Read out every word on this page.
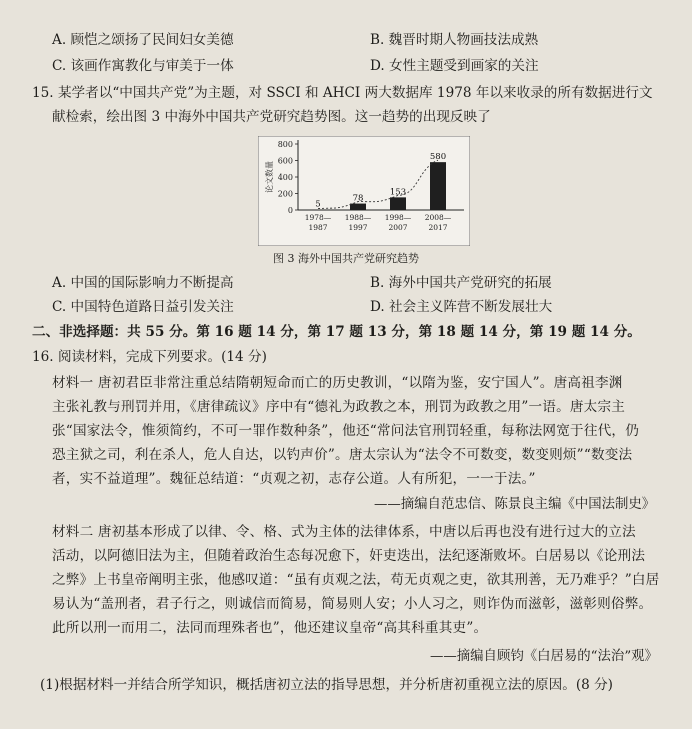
A. 顾恺之颂扬了民间妇女美德	B. 魏晋时期人物画技法成熟
C. 该画作寓教化与审美于一体	D. 女性主题受到画家的关注
15. 某学者以“中国共产党”为主题，对 SSCI 和 AHCI 两大数据库 1978 年以来收录的所有数据进行文
献检索，绘出图 3 中海外中国共产党研究趋势图。这一趋势的出现反映了
0
200
400
600
800
论文数量
5
1978—
1987
78
1988—
1997
153
1998—
2007
580
2008—
2017
图 3 海外中国共产党研究趋势
A. 中国的国际影响力不断提高	B. 海外中国共产党研究的拓展
C. 中国特色道路日益引发关注	D. 社会主义阵营不断发展壮大
二、非选择题：共 55 分。第 16 题 14 分，第 17 题 13 分，第 18 题 14 分，第 19 题 14 分。
16. 阅读材料，完成下列要求。(14 分)
材料一 唐初君臣非常注重总结隋朝短命而亡的历史教训，“以隋为鉴，安宁国人”。唐高祖李渊
主张礼教与刑罚并用，《唐律疏议》序中有“德礼为政教之本，刑罚为政教之用”一语。唐太宗主
张“国家法令，惟须简约，不可一罪作数种条”，他还“常问法官刑罚轻重，每称法网宽于往代，仍
恐主狱之司，利在杀人，危人自达，以钓声价”。唐太宗认为“法令不可数变，数变则烦”“数变法
者，实不益道理”。魏征总结道：“贞观之初，志存公道。人有所犯，一一于法。”
——摘编自范忠信、陈景良主编《中国法制史》
材料二 唐初基本形成了以律、令、格、式为主体的法律体系，中唐以后再也没有进行过大的立法
活动，以阿德旧法为主，但随着政治生态每况愈下，奸吏迭出，法纪逐渐败坏。白居易以《论刑法
之弊》上书皇帝阐明主张，他感叹道：“虽有贞观之法，苟无贞观之吏，欲其刑善，无乃难乎？”白居
易认为“盖刑者，君子行之，则诚信而简易，简易则人安；小人习之，则诈伪而滋彰，滋彰则俗弊。
此所以刑一而用二，法同而理殊者也”，他还建议皇帝“高其科重其吏”。
——摘编自顾钧《白居易的“法治”观》
(1)根据材料一并结合所学知识，概括唐初立法的指导思想，并分析唐初重视立法的原因。(8 分)
